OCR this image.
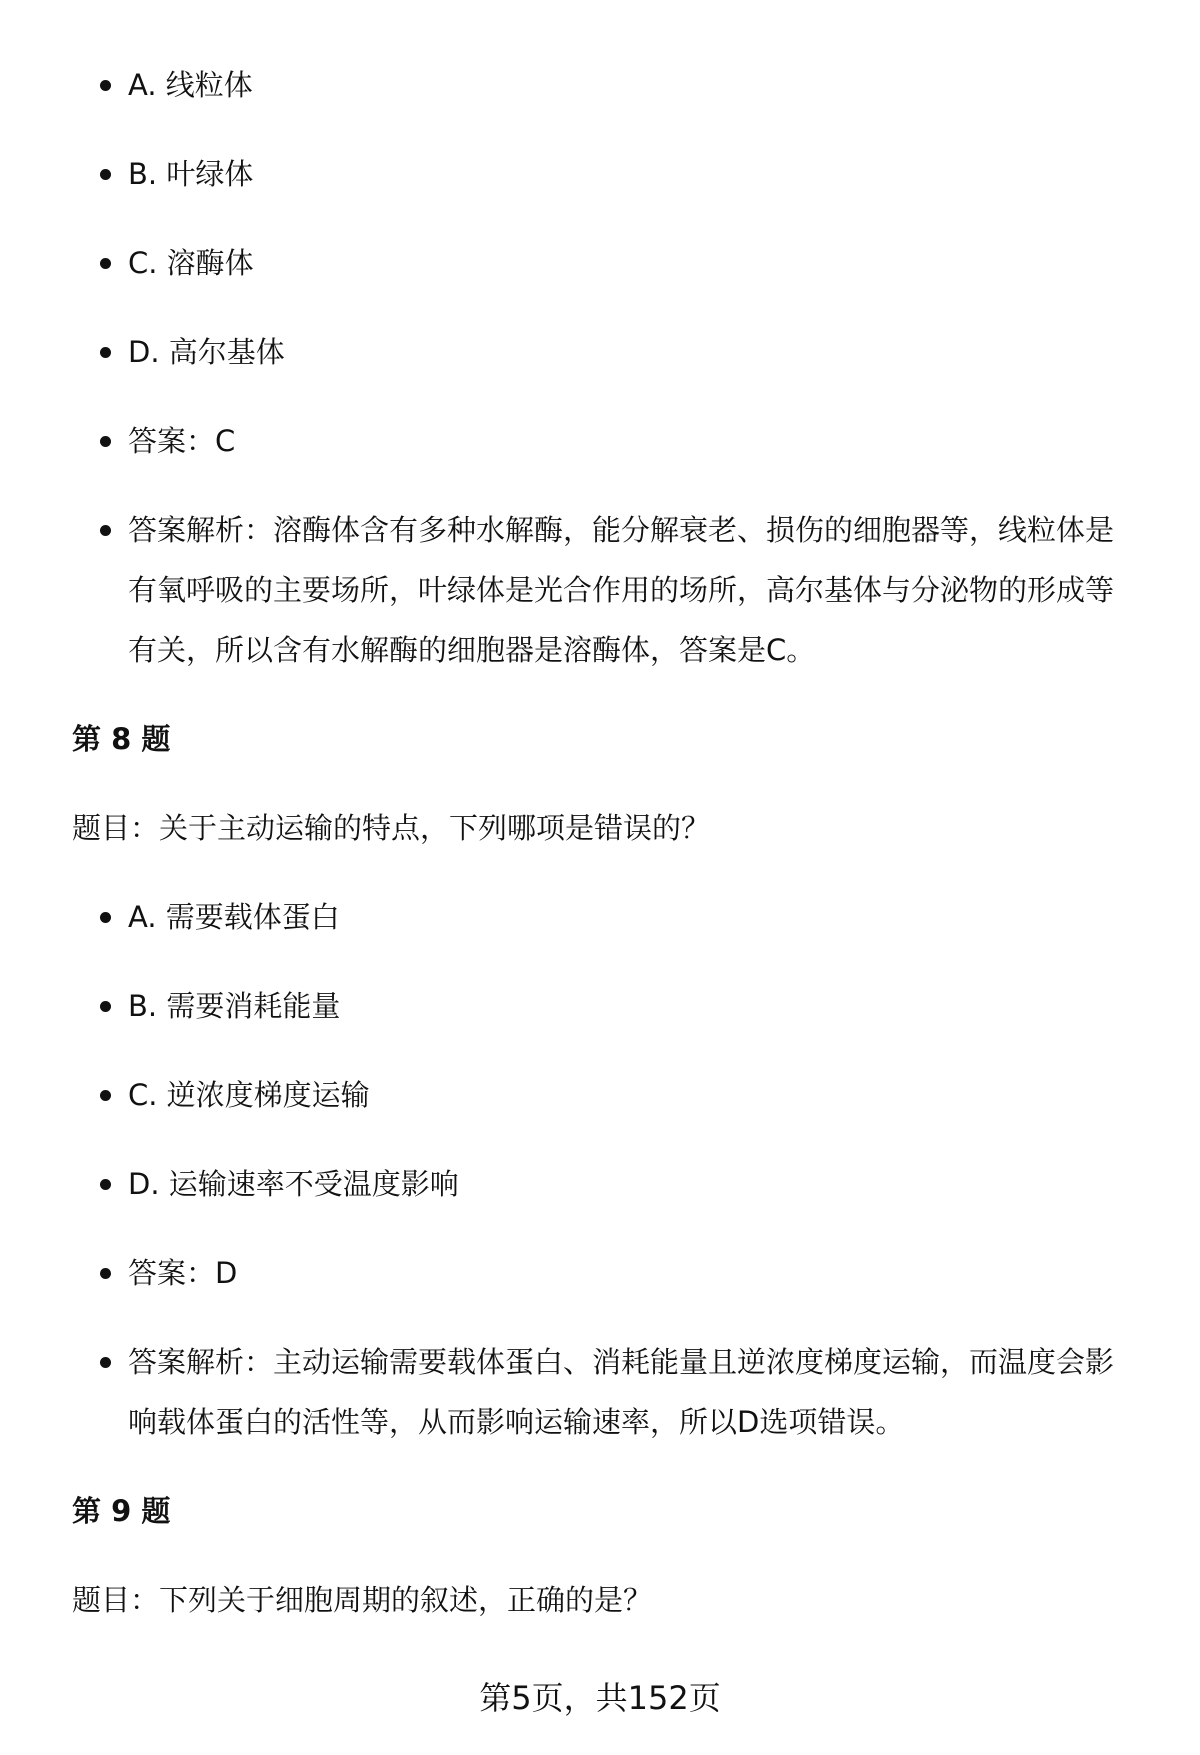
A. 线粒体
B. 叶绿体
C. 溶酶体
D. 高尔基体
答案：C
答案解析：溶酶体含有多种水解酶，能分解衰老、损伤的细胞器等，线粒体是有氧呼吸的主要场所，叶绿体是光合作用的场所，高尔基体与分泌物的形成等有关，所以含有水解酶的细胞器是溶酶体，答案是C。
第 8 题
题目：关于主动运输的特点，下列哪项是错误的？
A. 需要载体蛋白
B. 需要消耗能量
C. 逆浓度梯度运输
D. 运输速率不受温度影响
答案：D
答案解析：主动运输需要载体蛋白、消耗能量且逆浓度梯度运输，而温度会影响载体蛋白的活性等，从而影响运输速率，所以D选项错误。
第 9 题
题目：下列关于细胞周期的叙述，正确的是？
第5页，共152页
